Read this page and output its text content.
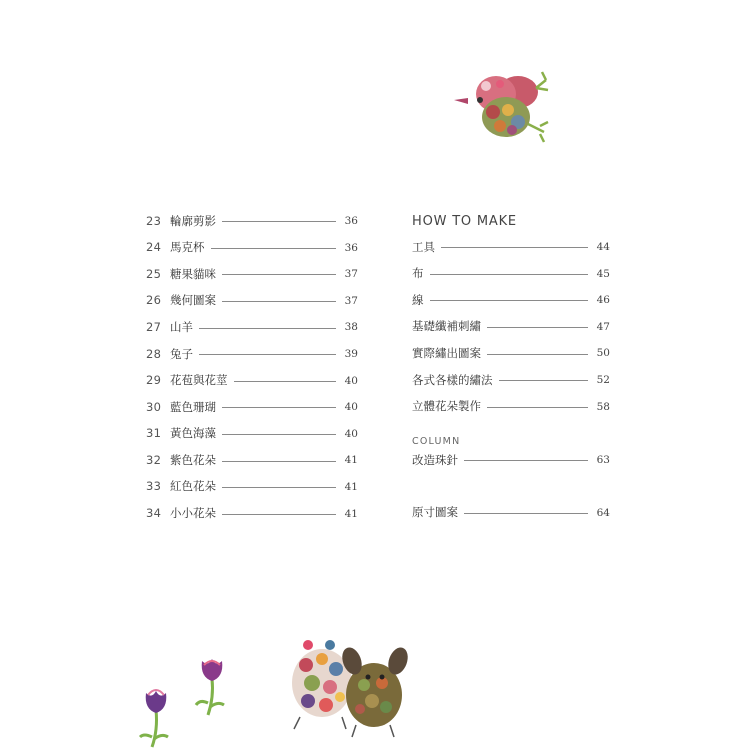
23 輪廓剪影	36
24 馬克杯	36
25 糖果貓咪	37
26 幾何圖案	37
27 山羊	38
28 兔子	39
29 花苞與花莖	40
30 藍色珊瑚	40
31 黃色海藻	40
32 紫色花朵	41
33 紅色花朵	41
34 小小花朵	41
HOW TO MAKE
工具	44
布	45
線	46
基礎纖補刺繡	47
實際繡出圖案	50
各式各樣的繡法	52
立體花朵製作	58
COLUMN
改造珠針	63
原寸圖案	64
